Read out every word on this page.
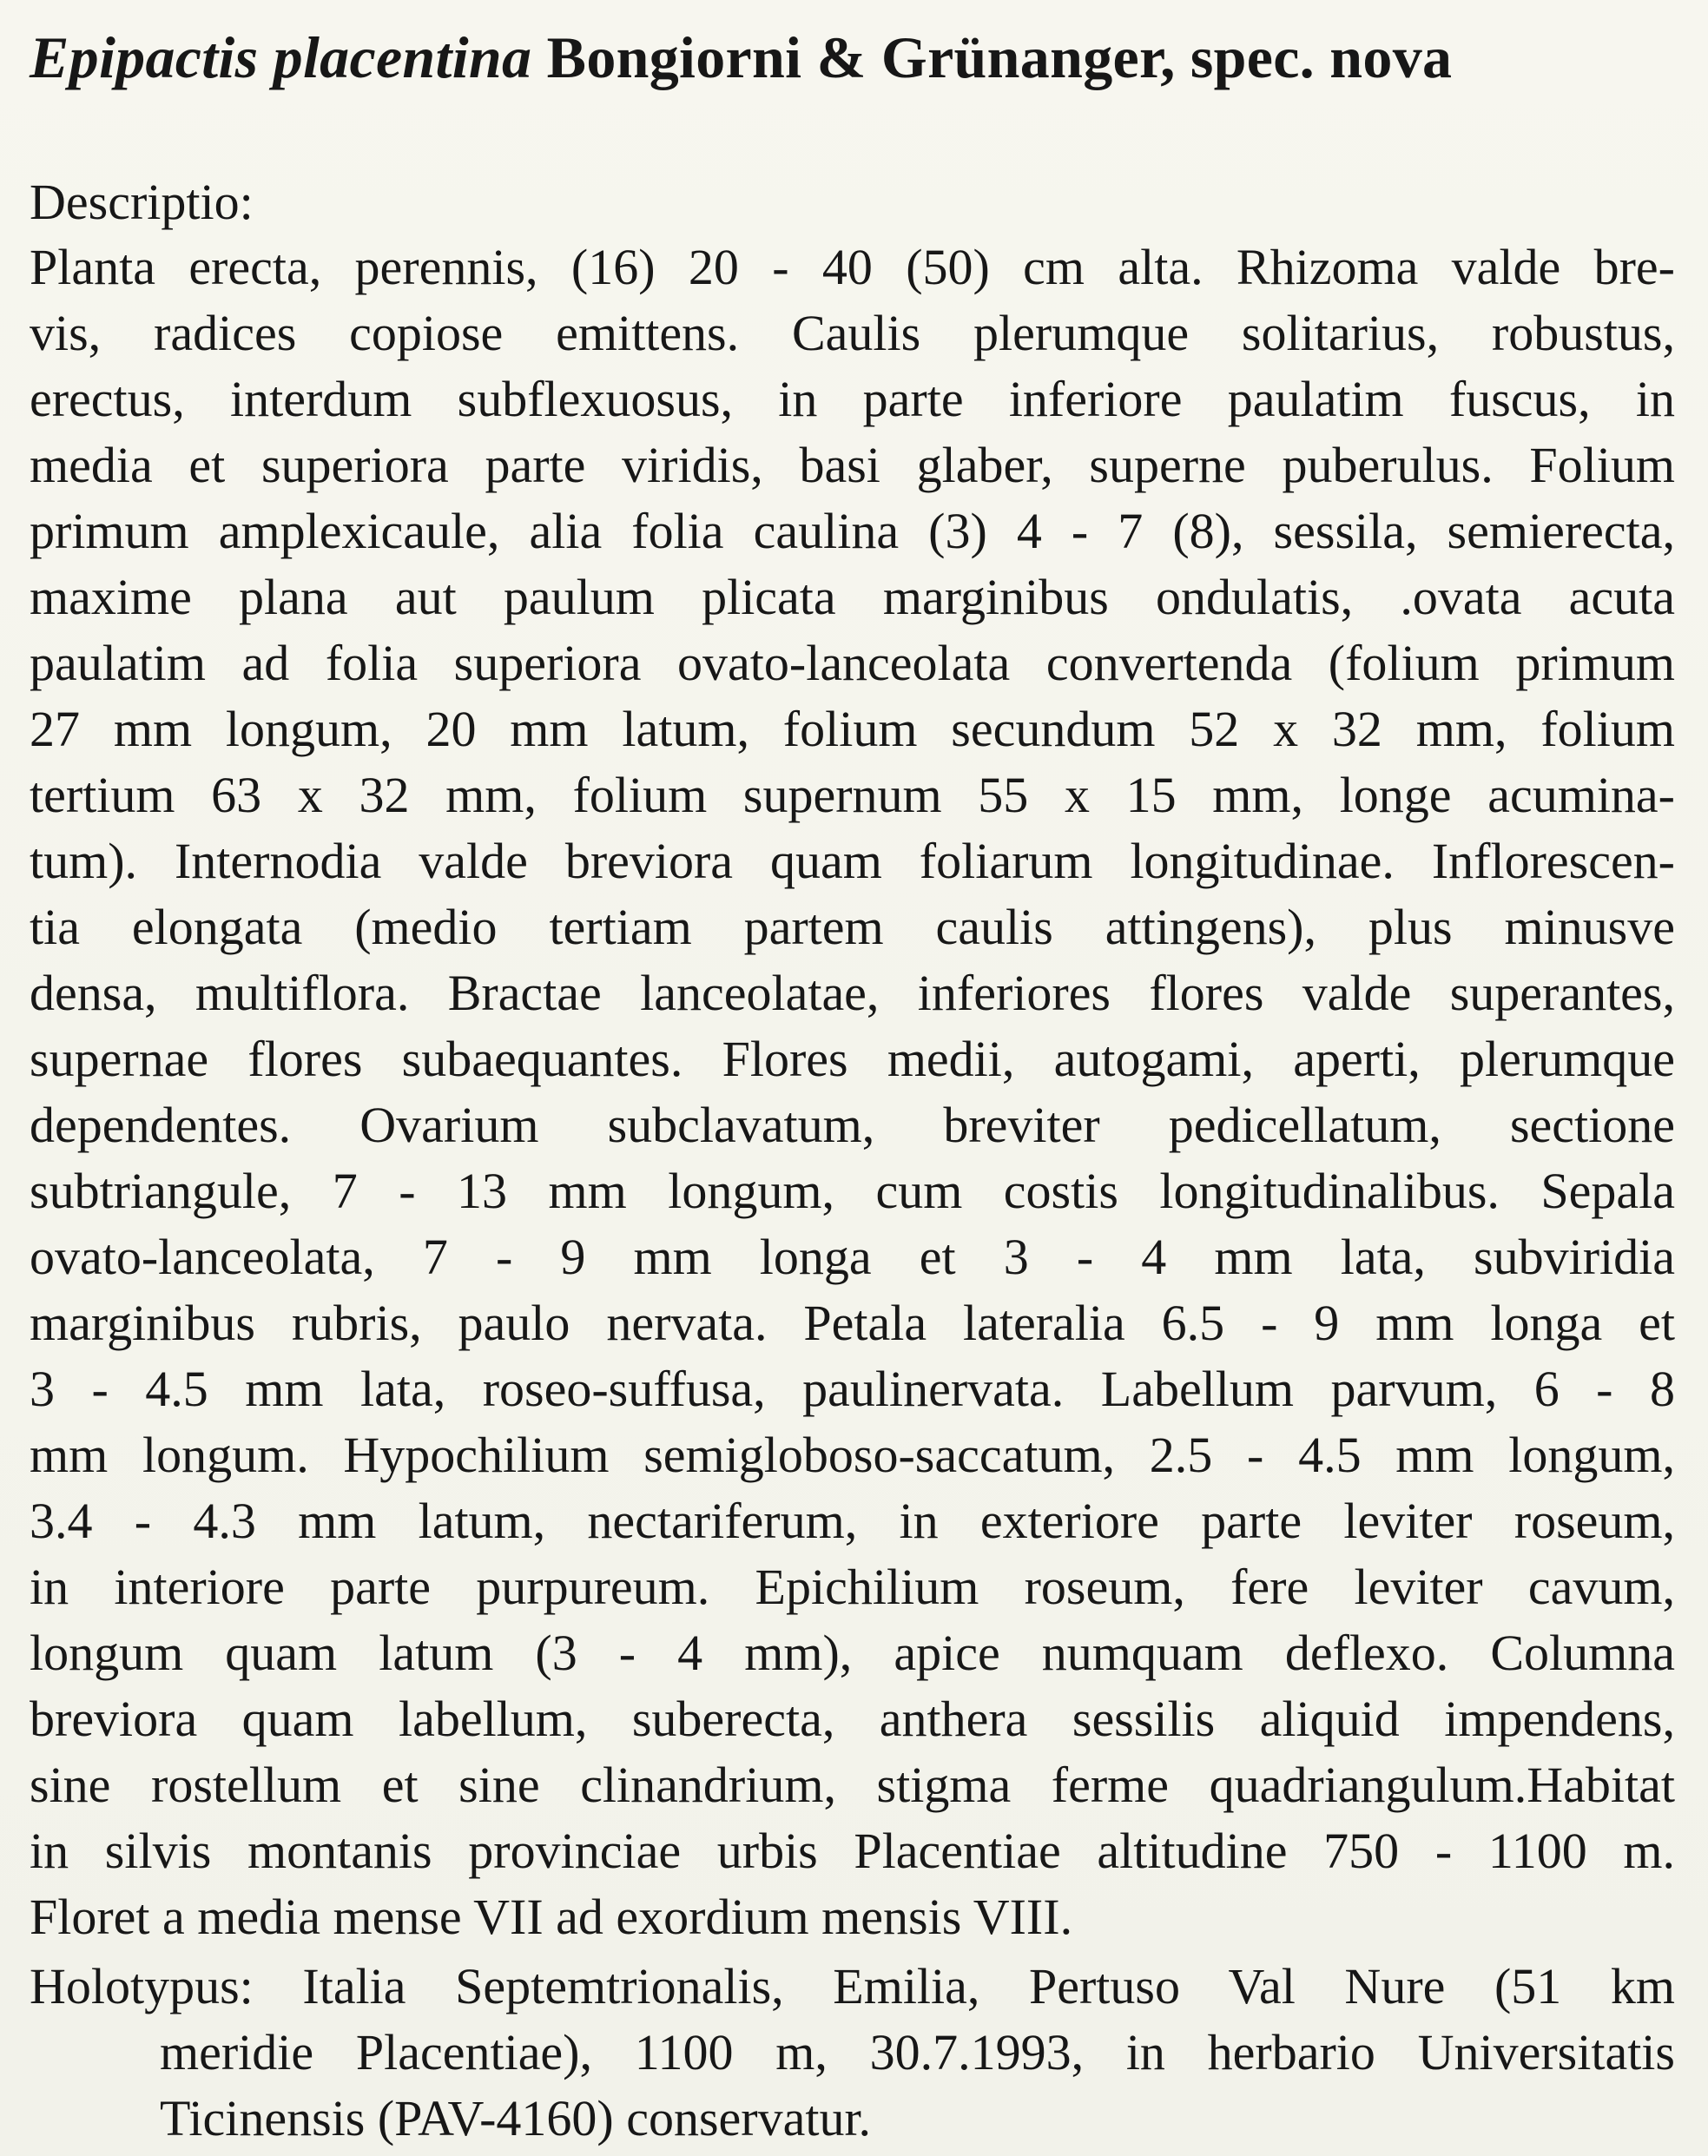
Epipactis placentina Bongiorni & Grünanger, spec. nova
Descriptio:
Planta erecta, perennis, (16) 20 - 40 (50) cm alta. Rhizoma valde bre-
vis, radices copiose emittens. Caulis plerumque solitarius, robustus,
erectus, interdum subflexuosus, in parte inferiore paulatim fuscus, in
media et superiora parte viridis, basi glaber, superne puberulus. Folium
primum amplexicaule, alia folia caulina (3) 4 - 7 (8), sessila, semierecta,
maxime plana aut paulum plicata marginibus ondulatis, .ovata acuta
paulatim ad folia superiora ovato-lanceolata convertenda (folium primum
27 mm longum, 20 mm latum, folium secundum 52 x 32 mm, folium
tertium 63 x 32 mm, folium supernum 55 x 15 mm, longe acumina-
tum). Internodia valde breviora quam foliarum longitudinae. Inflorescen-
tia elongata (medio tertiam partem caulis attingens), plus minusve
densa, multiflora. Bractae lanceolatae, inferiores flores valde superantes,
supernae flores subaequantes. Flores medii, autogami, aperti, plerumque
dependentes. Ovarium subclavatum, breviter pedicellatum, sectione
subtriangule, 7 - 13 mm longum, cum costis longitudinalibus. Sepala
ovato-lanceolata, 7 - 9 mm longa et 3 - 4 mm lata, subviridia
marginibus rubris, paulo nervata. Petala lateralia 6.5 - 9 mm longa et
3 - 4.5 mm lata, roseo-suffusa, paulinervata. Labellum parvum, 6 - 8
mm longum. Hypochilium semigloboso-saccatum, 2.5 - 4.5 mm longum,
3.4 - 4.3 mm latum, nectariferum, in exteriore parte leviter roseum,
in interiore parte purpureum. Epichilium roseum, fere leviter cavum,
longum quam latum (3 - 4 mm), apice numquam deflexo. Columna
breviora quam labellum, suberecta, anthera sessilis aliquid impendens,
sine rostellum et sine clinandrium, stigma ferme quadriangulum.Habitat
in silvis montanis provinciae urbis Placentiae altitudine 750 - 1100 m.
Floret a media mense VII ad exordium mensis VIII.
Holotypus: Italia Septemtrionalis, Emilia, Pertuso Val Nure (51 km
meridie Placentiae), 1100 m, 30.7.1993, in herbario Universitatis
Ticinensis (PAV-4160) conservatur.
